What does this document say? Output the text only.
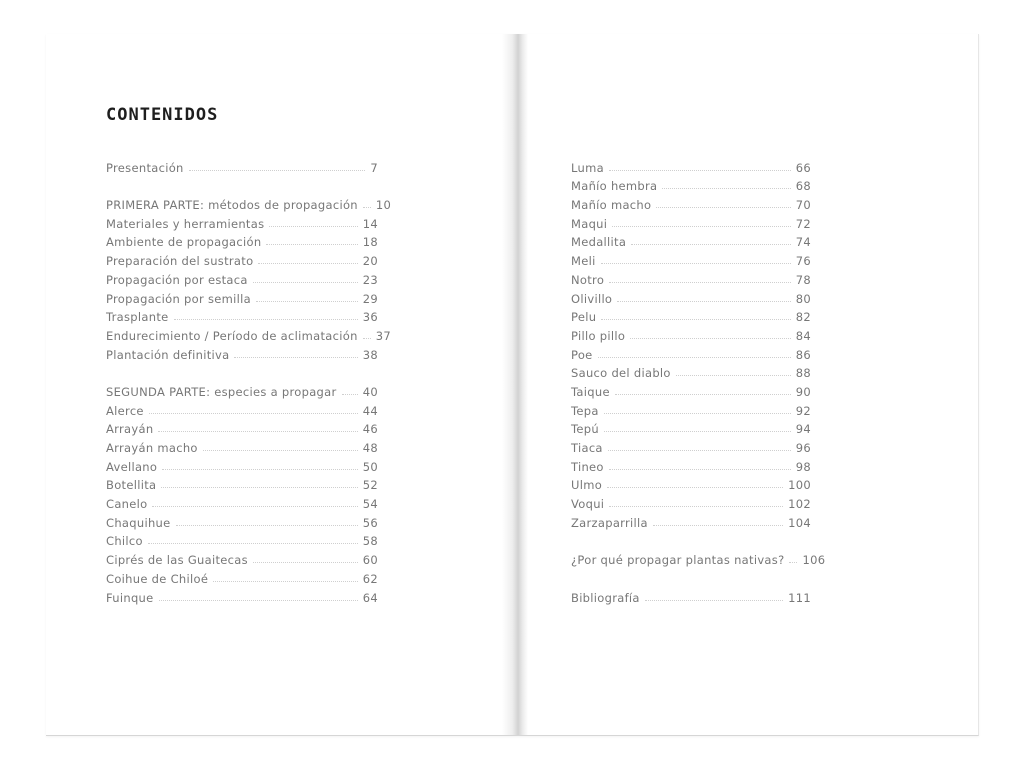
CONTENIDOS
Presentación	7
PRIMERA PARTE: métodos de propagación 10
Materiales y herramientas	14
Ambiente de propagación	18
Preparación del sustrato	20
Propagación por estaca	23
Propagación por semilla	29
Trasplante	36
Endurecimiento / Período de aclimatación 37
Plantación definitiva	38
SEGUNDA PARTE: especies a propagar 40
Alerce	44
Arrayán	46
Arrayán macho	48
Avellano	50
Botellita	52
Canelo	54
Chaquihue	56
Chilco	58
Ciprés de las Guaitecas	60
Coihue de Chiloé	62
Fuinque	64
Luma	66
Mañío hembra	68
Mañío macho	70
Maqui	72
Medallita	74
Meli	76
Notro	78
Olivillo	80
Pelu	82
Pillo pillo	84
Poe	86
Sauco del diablo	88
Taique	90
Tepa	92
Tepú	94
Tiaca	96
Tineo	98
Ulmo	100
Voqui	102
Zarzaparrilla	104
¿Por qué propagar plantas nativas? 106
Bibliografía	111
